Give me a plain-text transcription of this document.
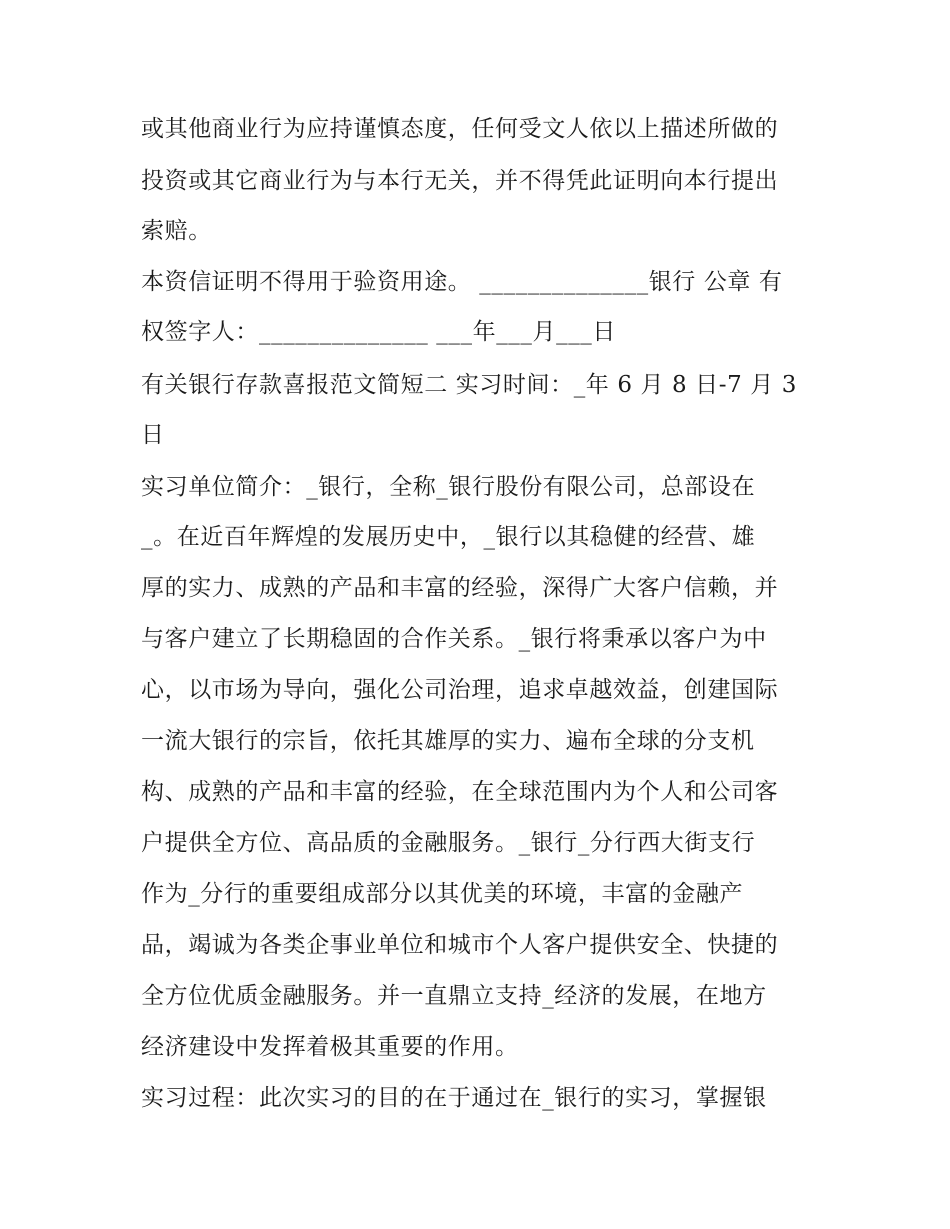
或其他商业行为应持谨慎态度，任何受文人依以上描述所做的

投资或其它商业行为与本行无关，并不得凭此证明向本行提出

索赔。

本资信证明不得用于验资用途。 ______________银行 公章 有

权签字人：______________ ___年___月___日

有关银行存款喜报范文简短二 实习时间：_年 6 月 8 日-7 月 3

日

实习单位简介：_银行，全称_银行股份有限公司，总部设在

_。在近百年辉煌的发展历史中，_银行以其稳健的经营、雄

厚的实力、成熟的产品和丰富的经验，深得广大客户信赖，并

与客户建立了长期稳固的合作关系。_银行将秉承以客户为中

心，以市场为导向，强化公司治理，追求卓越效益，创建国际

一流大银行的宗旨，依托其雄厚的实力、遍布全球的分支机

构、成熟的产品和丰富的经验，在全球范围内为个人和公司客

户提供全方位、高品质的金融服务。_银行_分行西大街支行

作为_分行的重要组成部分以其优美的环境，丰富的金融产

品，竭诚为各类企事业单位和城市个人客户提供安全、快捷的

全方位优质金融服务。并一直鼎立支持_经济的发展，在地方

经济建设中发挥着极其重要的作用。

实习过程：此次实习的目的在于通过在_银行的实习，掌握银
